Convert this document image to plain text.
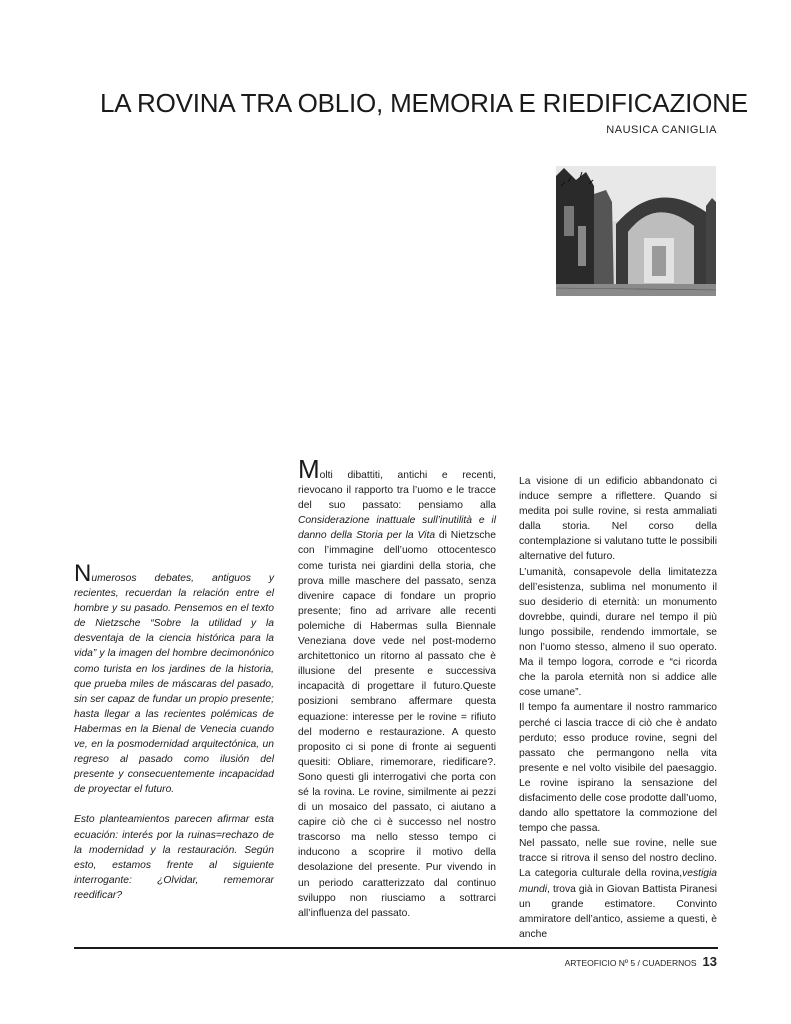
LA ROVINA TRA OBLIO, MEMORIA E RIEDIFICAZIONE
NAUSICA CANIGLIA

Numerosos debates, antiguos y recientes, recuerdan la relación entre el hombre y su pasado. Pensemos en el texto de Nietzsche “Sobre la utilidad y la desventaja de la ciencia histórica para la vida” y la imagen del hombre decimonónico como turista en los jardines de la historia, que prueba miles de máscaras del pasado, sin ser capaz de fundar un propio presente; hasta llegar a las recientes polémicas de Habermas en la Bienal de Venecia cuando ve, en la posmodernidad arquitectónica, un regreso al pasado como ilusión del presente y consecuentemente incapacidad de proyectar el futuro.

Esto planteamientos parecen afirmar esta ecuación: interés por la ruinas=rechazo de la modernidad y la restauración. Según esto, estamos frente al siguiente interrogante: ¿Olvidar, rememorar reedificar?

Molti dibattiti, antichi e recenti, rievocano il rapporto tra l’uomo e le tracce del suo passato: pensiamo alla Considerazione inattuale sull’inutilità e il danno della Storia per la Vita di Nietzsche con l’immagine dell’uomo ottocentesco come turista nei giardini della storia, che prova mille maschere del passato, senza divenire capace di fondare un proprio presente; fino ad arrivare alle recenti polemiche di Habermas sulla Biennale Veneziana dove vede nel post-moderno architettonico un ritorno al passato che è illusione del presente e successiva incapacità di progettare il futuro.Queste posizioni sembrano affermare questa equazione: interesse per le rovine = rifiuto del moderno e restaurazione. A questo proposito ci si pone di fronte ai seguenti quesiti: Obliare, rimemorare, riedificare?. Sono questi gli interrogativi che porta con sé la rovina. Le rovine, similmente ai pezzi di un mosaico del passato, ci aiutano a capire ciò che ci è successo nel nostro trascorso ma nello stesso tempo ci inducono a scoprire il motivo della desolazione del presente. Pur vivendo in un periodo caratterizzato dal continuo sviluppo non riusciamo a sottrarci all’influenza del passato.

La visione di un edificio abbandonato ci induce sempre a riflettere. Quando si medita poi sulle rovine, si resta ammaliati dalla storia. Nel corso della contemplazione si valutano tutte le possibili alternative del futuro.

L’umanità, consapevole della limitatezza dell’esistenza, sublima nel monumento il suo desiderio di eternità: un monumento dovrebbe, quindi, durare nel tempo il più lungo possibile, rendendo immortale, se non l’uomo stesso, almeno il suo operato. Ma il tempo logora, corrode e “ci ricorda che la parola eternità non si addice alle cose umane”.

Il tempo fa aumentare il nostro rammarico perché ci lascia tracce di ciò che è andato perduto; esso produce rovine, segni del passato che permangono nella vita presente e nel volto visibile del paesaggio. Le rovine ispirano la sensazione del disfacimento delle cose prodotte dall’uomo, dando allo spettatore la commozione del tempo che passa.

Nel passato, nelle sue rovine, nelle sue tracce si ritrova il senso del nostro declino. La categoria culturale della rovina,vestigia mundi, trova già in Giovan Battista Piranesi un grande estimatore. Convinto ammiratore dell’antico, assieme a questi, è anche

ARTEOFICIO Nº 5 / CUADERNOS 13
